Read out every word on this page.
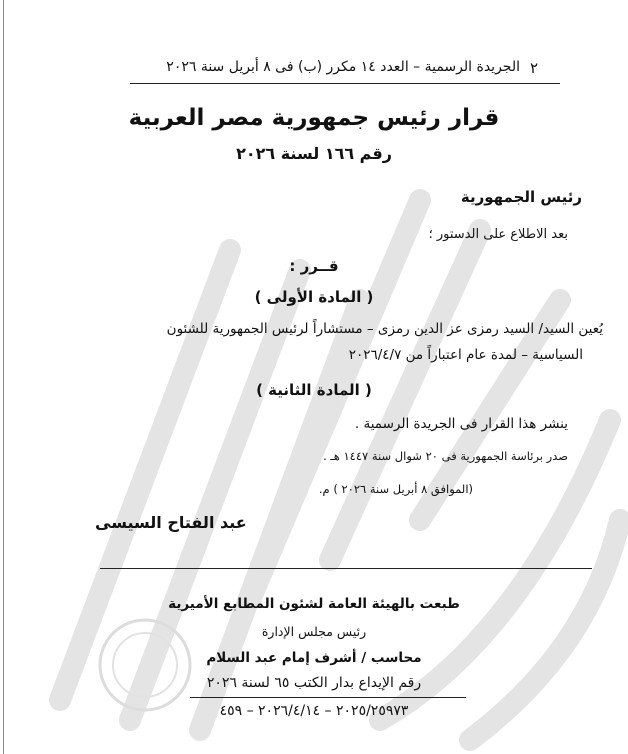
٢
الجريدة الرسمية – العدد ١٤ مكرر (ب) فى ٨ أبريل سنة ٢٠٢٦
قرار رئيس جمهورية مصر العربية
رقم ١٦٦ لسنة ٢٠٢٦
رئيس الجمهورية
بعد الاطلاع على الدستور ؛
قــرر :
( المادة الأولى )
يُعين السيد/ السيد رمزى عز الدين رمزى – مستشاراً لرئيس الجمهورية للشئون
السياسية – لمدة عام اعتباراً من ٢٠٢٦/٤/٧
( المادة الثانية )
ينشر هذا القرار فى الجريدة الرسمية .
صدر برئاسة الجمهورية فى ٢٠ شوال سنة ١٤٤٧ هـ .
(الموافق ٨ أبريل سنة ٢٠٢٦ ) م.
عبد الفتاح السيسى
طبعت بالهيئة العامة لشئون المطابع الأميرية
رئيس مجلس الإدارة
محاسب / أشرف إمام عبد السلام
رقم الإيداع بدار الكتب ٦٥ لسنة ٢٠٢٦
٢٠٢٥/٢٥٩٧٣ – ٢٠٢٦/٤/١٤ – ٤٥٩
